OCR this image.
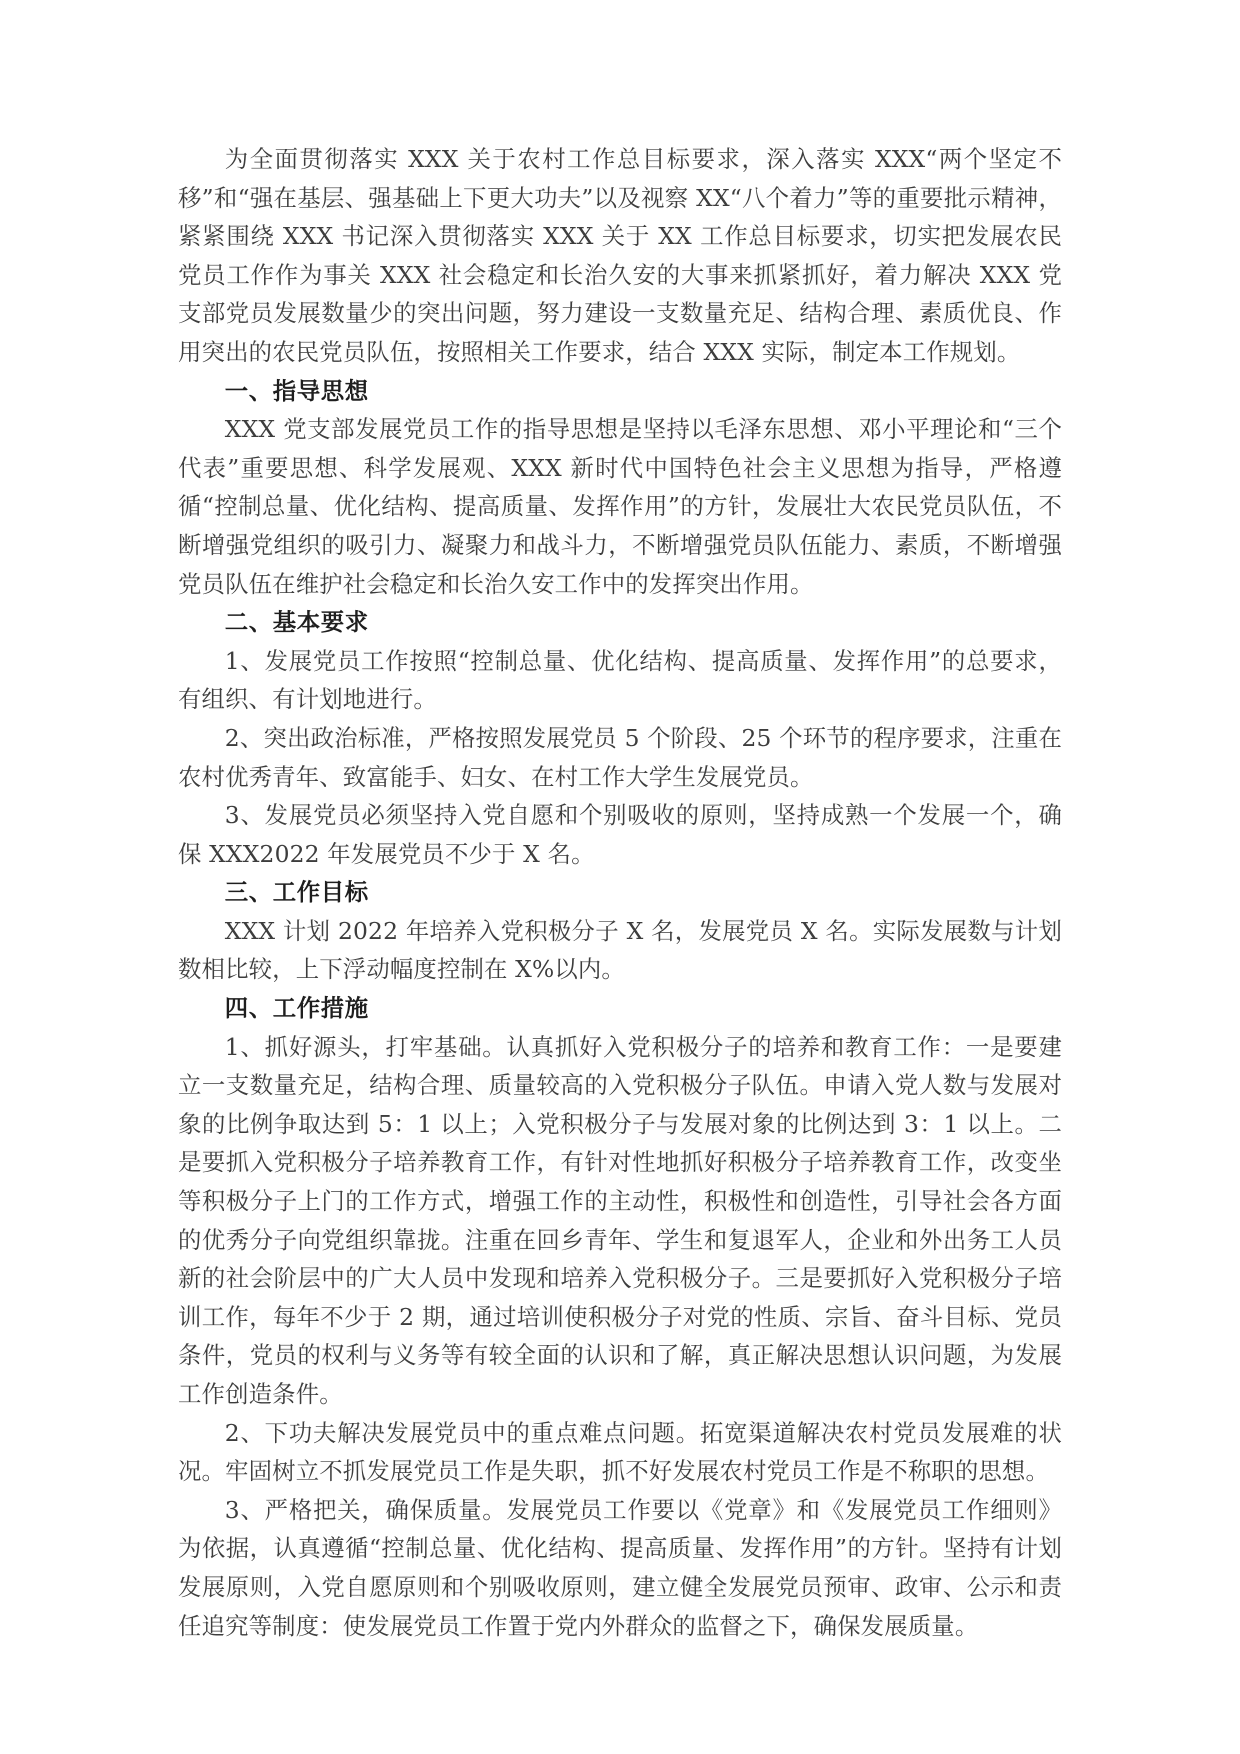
为全面贯彻落实 XXX 关于农村工作总目标要求，深入落实 XXX“两个坚定不移”和“强在基层、强基础上下更大功夫”以及视察 XX“八个着力”等的重要批示精神，紧紧围绕 XXX 书记深入贯彻落实 XXX 关于 XX 工作总目标要求，切实把发展农民党员工作作为事关 XXX 社会稳定和长治久安的大事来抓紧抓好，着力解决 XXX 党支部党员发展数量少的突出问题，努力建设一支数量充足、结构合理、素质优良、作用突出的农民党员队伍，按照相关工作要求，结合 XXX 实际，制定本工作规划。

一、指导思想

XXX 党支部发展党员工作的指导思想是坚持以毛泽东思想、邓小平理论和“三个代表”重要思想、科学发展观、XXX 新时代中国特色社会主义思想为指导，严格遵循“控制总量、优化结构、提高质量、发挥作用”的方针，发展壮大农民党员队伍，不断增强党组织的吸引力、凝聚力和战斗力，不断增强党员队伍能力、素质，不断增强党员队伍在维护社会稳定和长治久安工作中的发挥突出作用。

二、基本要求

1、发展党员工作按照“控制总量、优化结构、提高质量、发挥作用”的总要求，有组织、有计划地进行。

2、突出政治标准，严格按照发展党员 5 个阶段、25 个环节的程序要求，注重在农村优秀青年、致富能手、妇女、在村工作大学生发展党员。

3、发展党员必须坚持入党自愿和个别吸收的原则，坚持成熟一个发展一个，确保 XXX2022 年发展党员不少于 X 名。

三、工作目标

XXX 计划 2022 年培养入党积极分子 X 名，发展党员 X 名。实际发展数与计划数相比较，上下浮动幅度控制在 X%以内。

四、工作措施

1、抓好源头，打牢基础。认真抓好入党积极分子的培养和教育工作：一是要建立一支数量充足，结构合理、质量较高的入党积极分子队伍。申请入党人数与发展对象的比例争取达到 5：1 以上；入党积极分子与发展对象的比例达到 3：1 以上。二是要抓入党积极分子培养教育工作，有针对性地抓好积极分子培养教育工作，改变坐等积极分子上门的工作方式，增强工作的主动性，积极性和创造性，引导社会各方面的优秀分子向党组织靠拢。注重在回乡青年、学生和复退军人，企业和外出务工人员新的社会阶层中的广大人员中发现和培养入党积极分子。三是要抓好入党积极分子培训工作，每年不少于 2 期，通过培训使积极分子对党的性质、宗旨、奋斗目标、党员条件，党员的权利与义务等有较全面的认识和了解，真正解决思想认识问题，为发展工作创造条件。

2、下功夫解决发展党员中的重点难点问题。拓宽渠道解决农村党员发展难的状况。牢固树立不抓发展党员工作是失职，抓不好发展农村党员工作是不称职的思想。

3、严格把关，确保质量。发展党员工作要以《党章》和《发展党员工作细则》为依据，认真遵循“控制总量、优化结构、提高质量、发挥作用”的方针。坚持有计划发展原则，入党自愿原则和个别吸收原则，建立健全发展党员预审、政审、公示和责任追究等制度：使发展党员工作置于党内外群众的监督之下，确保发展质量。
